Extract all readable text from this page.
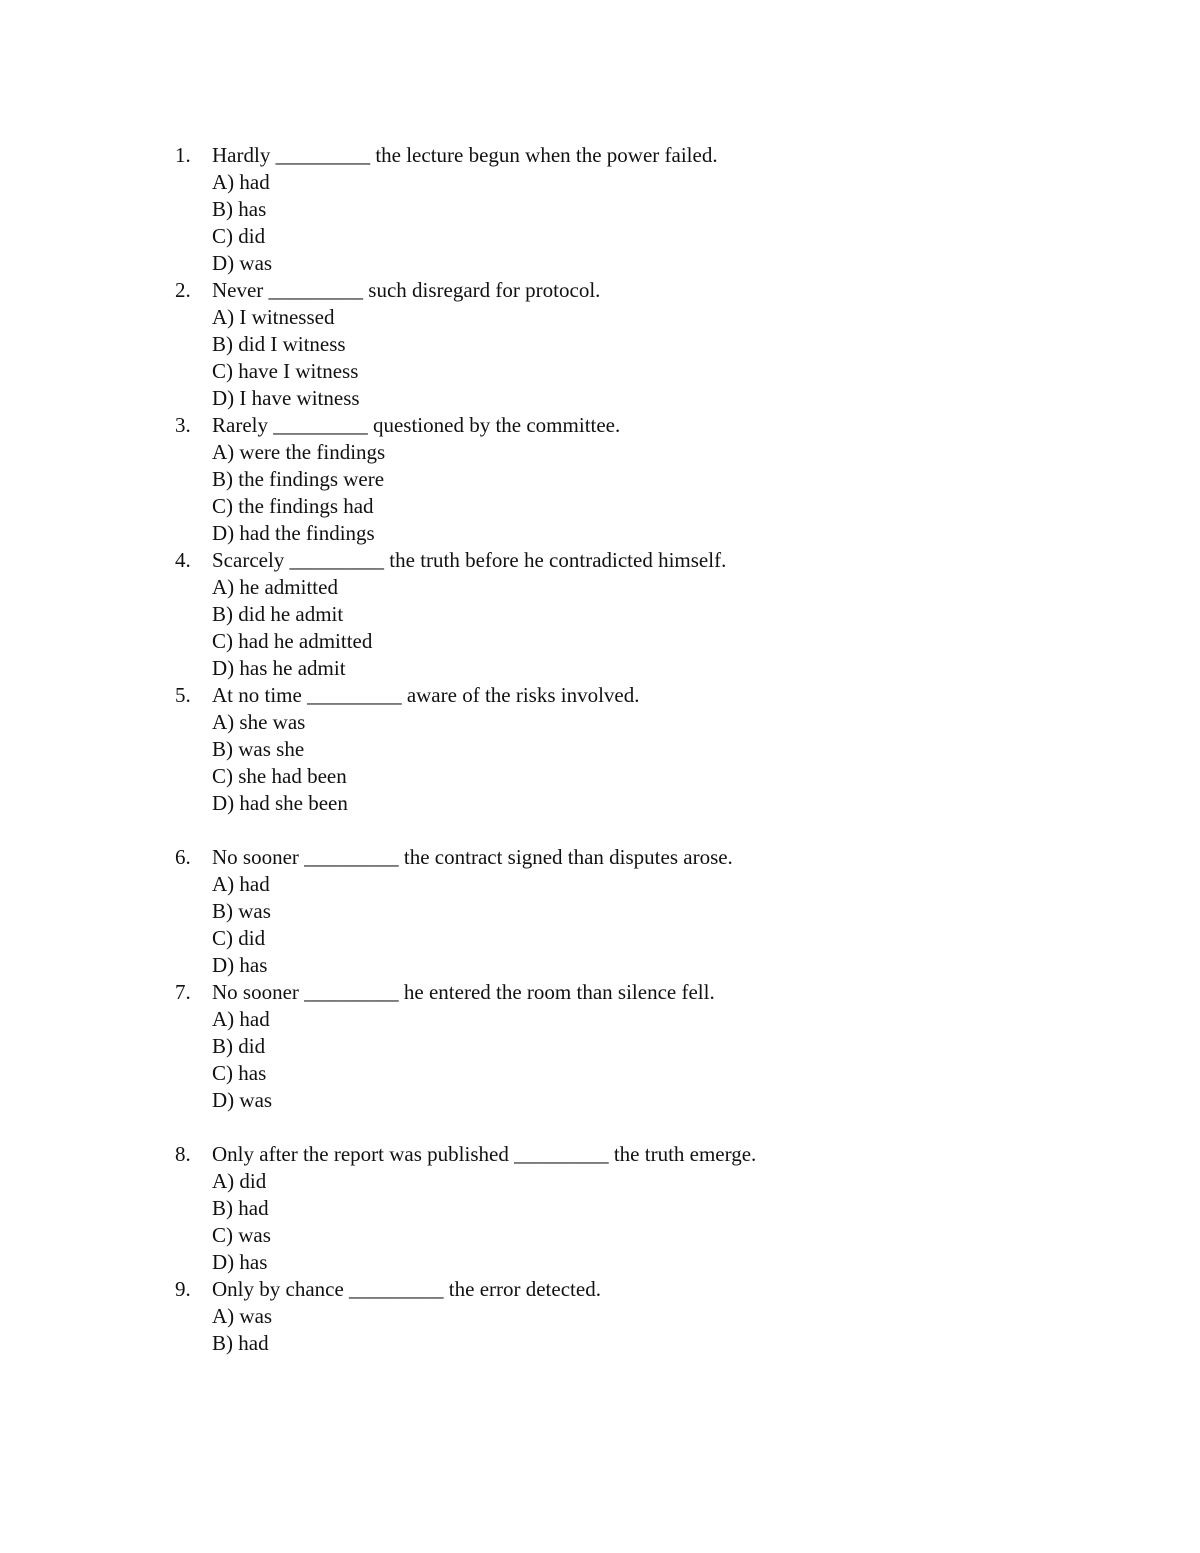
1.	Hardly _________ the lecture begun when the power failed.
A) had
B) has
C) did
D) was
2.	Never _________ such disregard for protocol.
A) I witnessed
B) did I witness
C) have I witness
D) I have witness
3.	Rarely _________ questioned by the committee.
A) were the findings
B) the findings were
C) the findings had
D) had the findings
4.	Scarcely _________ the truth before he contradicted himself.
A) he admitted
B) did he admit
C) had he admitted
D) has he admit
5.	At no time _________ aware of the risks involved.
A) she was
B) was she
C) she had been
D) had she been
6.	No sooner _________ the contract signed than disputes arose.
A) had
B) was
C) did
D) has
7.	No sooner _________ he entered the room than silence fell.
A) had
B) did
C) has
D) was
8.	Only after the report was published _________ the truth emerge.
A) did
B) had
C) was
D) has
9.	Only by chance _________ the error detected.
A) was
B) had
